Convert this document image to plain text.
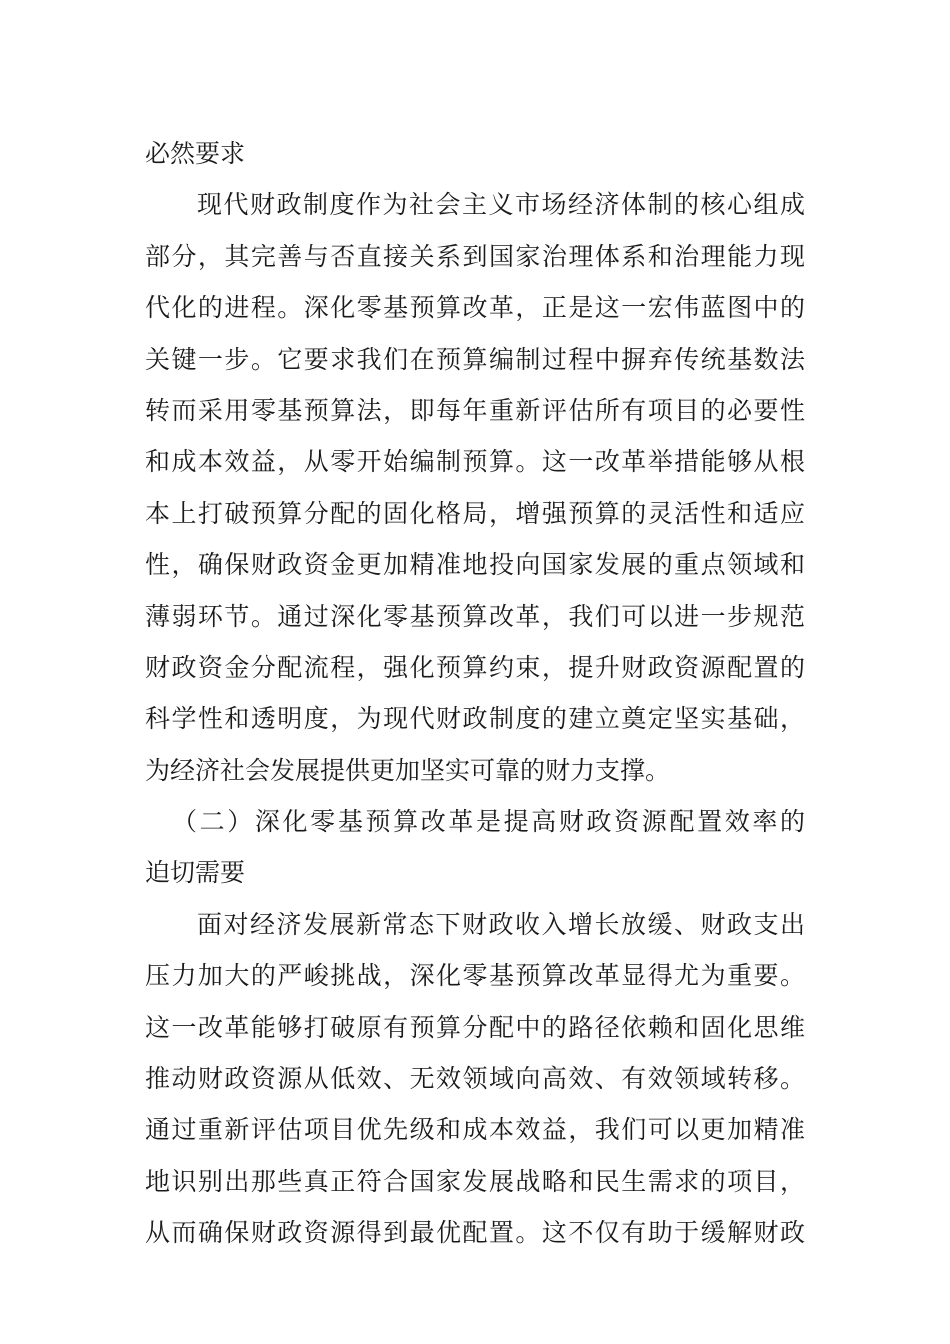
必然要求
现代财政制度作为社会主义市场经济体制的核心组成
部分，其完善与否直接关系到国家治理体系和治理能力现
代化的进程。深化零基预算改革，正是这一宏伟蓝图中的
关键一步。它要求我们在预算编制过程中摒弃传统基数法
转而采用零基预算法，即每年重新评估所有项目的必要性
和成本效益，从零开始编制预算。这一改革举措能够从根
本上打破预算分配的固化格局，增强预算的灵活性和适应
性，确保财政资金更加精准地投向国家发展的重点领域和
薄弱环节。通过深化零基预算改革，我们可以进一步规范
财政资金分配流程，强化预算约束，提升财政资源配置的
科学性和透明度，为现代财政制度的建立奠定坚实基础，
为经济社会发展提供更加坚实可靠的财力支撑。
（二）深化零基预算改革是提高财政资源配置效率的
迫切需要
面对经济发展新常态下财政收入增长放缓、财政支出
压力加大的严峻挑战，深化零基预算改革显得尤为重要。
这一改革能够打破原有预算分配中的路径依赖和固化思维
推动财政资源从低效、无效领域向高效、有效领域转移。
通过重新评估项目优先级和成本效益，我们可以更加精准
地识别出那些真正符合国家发展战略和民生需求的项目，
从而确保财政资源得到最优配置。这不仅有助于缓解财政
